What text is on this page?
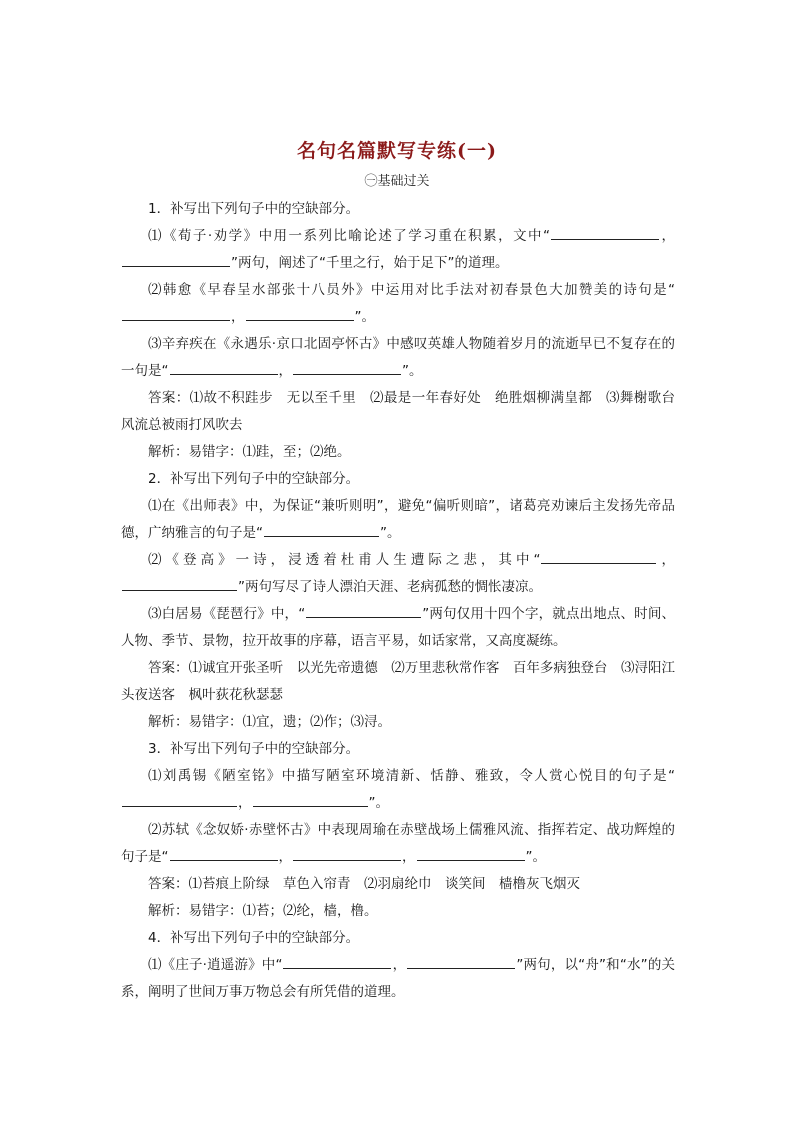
名句名篇默写专练(一)
㊀基础过关

1．补写出下列句子中的空缺部分。

⑴《荀子·劝学》中用一系列比喻论述了学习重在积累，文中“	，”两句，阐述了“千里之行，始于足下”的道理。

⑵韩愈《早春呈水部张十八员外》中运用对比手法对初春景色大加赞美的诗句是“，	”。

⑶辛弃疾在《永遇乐·京口北固亭怀古》中感叹英雄人物随着岁月的流逝早已不复存在的一句是“	，	”。

答案：⑴故不积跬步　无以至千里　⑵最是一年春好处　绝胜烟柳满皇都　⑶舞榭歌台　风流总被雨打风吹去

解析：易错字：⑴跬，至；⑵绝。

2．补写出下列句子中的空缺部分。

⑴在《出师表》中，为保证“兼听则明”，避免“偏听则暗”，诸葛亮劝谏后主发扬先帝品德，广纳雅言的句子是“	”。

⑵《登高》一诗，浸透着杜甫人生遭际之悲，其中“	，”两句写尽了诗人漂泊天涯、老病孤愁的惆怅凄凉。

⑶白居易《琵琶行》中，“	”两句仅用十四个字，就点出地点、时间、人物、季节、景物，拉开故事的序幕，语言平易，如话家常，又高度凝练。

答案：⑴诚宜开张圣听　以光先帝遗德　⑵万里悲秋常作客　百年多病独登台　⑶浔阳江头夜送客　枫叶荻花秋瑟瑟

解析：易错字：⑴宜，遗；⑵作；⑶浔。

3．补写出下列句子中的空缺部分。

⑴刘禹锡《陋室铭》中描写陋室环境清新、恬静、雅致，令人赏心悦目的句子是“，	”。

⑵苏轼《念奴娇·赤壁怀古》中表现周瑜在赤壁战场上儒雅风流、指挥若定、战功辉煌的句子是“	，	，	”。

答案：⑴苔痕上阶绿　草色入帘青　⑵羽扇纶巾　谈笑间　樯橹灰飞烟灭

解析：易错字：⑴苔；⑵纶，樯，橹。

4．补写出下列句子中的空缺部分。

⑴《庄子·逍遥游》中“	，	”两句，以“舟”和“水”的关系，阐明了世间万事万物总会有所凭借的道理。
